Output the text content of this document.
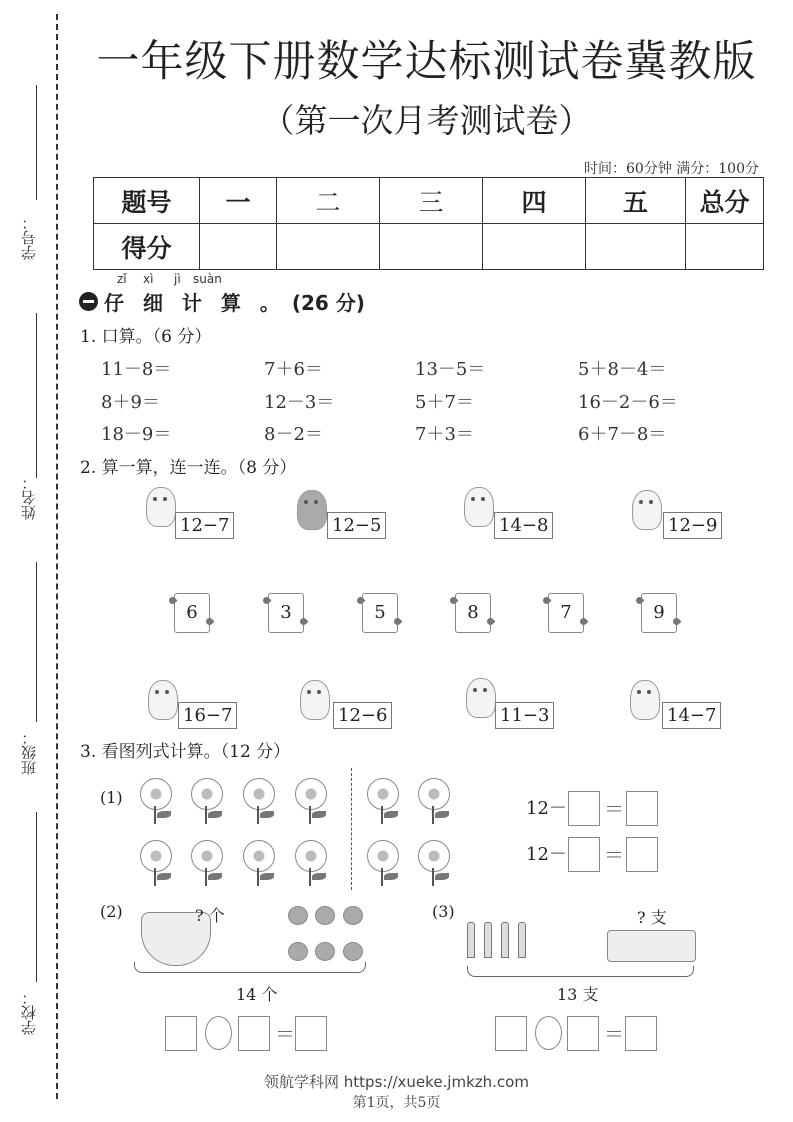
学号：
姓名：
班级：
学校：
一年级下册数学达标测试卷冀教版
（第一次月考测试卷）
时间：60分钟 满分：100分
题号	一	二	三	四	五	总分
得分						
zǐ xì jì suàn
仔 细 计 算 。 (26 分)
1. 口算。（6 分）
11－8＝	7＋6＝	13－5＝	5＋8－4＝
8＋9＝	12－3＝	5＋7＝	16－2－6＝
18－9＝	8－2＝	7＋3＝	6＋7－8＝
2. 算一算，连一连。（8 分）
12−7	12−5	14−8	12−9
6	3	5	8	7	9
16−7	12−6	11−3	14−7
3. 看图列式计算。（12 分）
(1)
12－ ＝
12－ ＝
(2)	? 个
14 个
＝
(3)	? 支
13 支
＝
领航学科网 https://xueke.jmkzh.com
第1页，共5页
